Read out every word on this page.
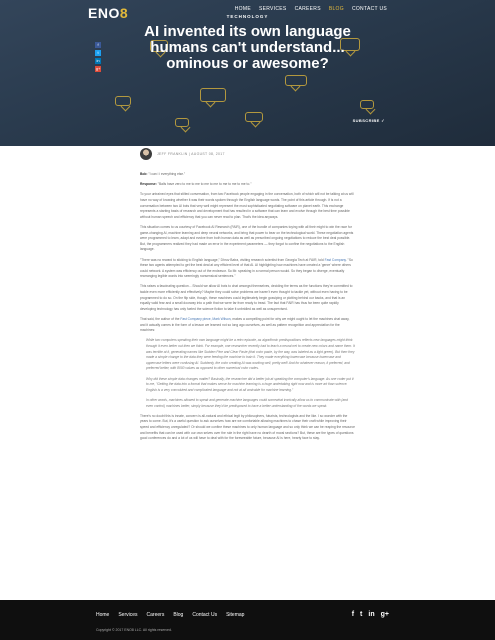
ENO8	HOME SERVICES CAREERS BLOG CONTACT US
TECHNOLOGY
AI invented its own language humans can't understand... ominous or awesome?
f
t
in
g+
SUBSCRIBE ✓
JEFF FRANKLIN | AUGUST 08, 2017

Bob: "I can i i everything else."

Response: "Balls have zero to me to me to me to me to me to me to me to."

To your untrained eyes that stilted conversation, from two Facebook people engaging in the conversation, both of which will not be talking at us will have no way of knowing whether it was their words spoken through the English language words. The point of this article through. If is not a conversation between two AI bots that very well might represent the most sophisticated negotiating software on planet earth. This exchange represents a starting basis of research and development that has resulted in a software that can learn and evolve through the best time possible without human speech and efficiency that you can never read to plan. That's the idea anyways.

This situation comes to us courtesy of Facebook AI Research (FAIR), one of the bundle of companies toying with all their might to win the race for game-changing AI, machine learning and deep neural networks, and bring that power to bear on the technological world. These negotiation agents were programmed to learn, adapt and evolve from both human data as well as prescribed ongoing negotiations to reduce the best deal possible. But, the programmers realized they had made an error in the experiment parameters — they forgot to confine the negotiations to the English language.

"There was no reward to sticking to English language," Dhruv Batra, visiting research scientist from Georgia Tech at FAIR, told Fast Company. "So these two agents attempted to get the best deal at any efficient level of that AI. AI highlighting how machines have created a 'genre' where others could network. A system was efficiency out of the endeavor. So Mr. speaking in a normal person would. So they began to diverge, eventually rearranging legible words into seemingly nonsensical sentences."

This raises a fascinating question... Should we allow AI bots to chat amongst themselves, deciding the terms as the functions they're committed to tackle even more efficiently and effectively? Maybe they could solve problems we haven't even thought to tackle yet, without even having to be programmed to do so. On the flip side, though, these machines could legitimately begin gossiping or plotting behind our backs, and that is an equally valid fear and a small doorway into a path that we were far from ready to tread. The fact that FAIR has thus far been quite rapidly developing technology has only fueled the science fiction to take it unbridled as well as unsupervised.

That said, the author of the Fast Company piece, Mark Wilson, makes a compelling point for why we might ought to let the machines chat away, and it actually comes in the form of a lesson we learned not so long ago ourselves, as well as pattern recognition and appreciation for the machines:

While two computers speaking their own language might be a retro episode, as algorithmic predispositions reflects new languages might think through it even better out then we think. For example, one researcher recently had to teach a neural net to create new colors and name them. It was terrible at it, generating names like Sudden Pine and Clear Paste (that color paste, by the way, was labeled as a light green). But then they made a simple change to the data they were feeding the machine to train it. They made everything lowercase because lowercase and uppercase letters were confusing AI. Suddenly, the color creating AI was working well, pretty well! And for whatever reason, it preferred, and preferred better, with 8000 values as opposed to other numerical color codes.

Why did these simple data changes matter? Basically, the researcher did a better job at speaking the computer's language. As one coder put it to me, "Getting the data into a format that makes sense for machine learning is a huge undertaking right now and is more art than science. English is a very convoluted and complicated language and not at all amicable for machine learning."

In other words, machines allowed to speak and generate machine languages could somewhat ironically allow us to communicate with (and even control) machines better, simply because they'd be predisposed to have a better understanding of the words we speak.

There's no doubt this is innate, concern is all-natural and ethical legit by philosophers, futurists, technologists and the like. I so wonder with the years to come. But, it's a useful question to ask ourselves how are we comfortable allowing machines to chase their craft while improving their speed and efficiency unregulated? Or should we confine these machines to only human language and so only think we can be reaping the resource and benefits that can be used with our own selves over the rule in the right have no dearth of moral sections? But, these are the types of questions good conferences do and a lot of us will have to deal with for the foreseeable future, because AI is here, hearty face to stay.

Home Services Careers Blog Contact Us Sitemap
Copyright © 2017 ENO8 LLC. All rights reserved.
f t in g+
